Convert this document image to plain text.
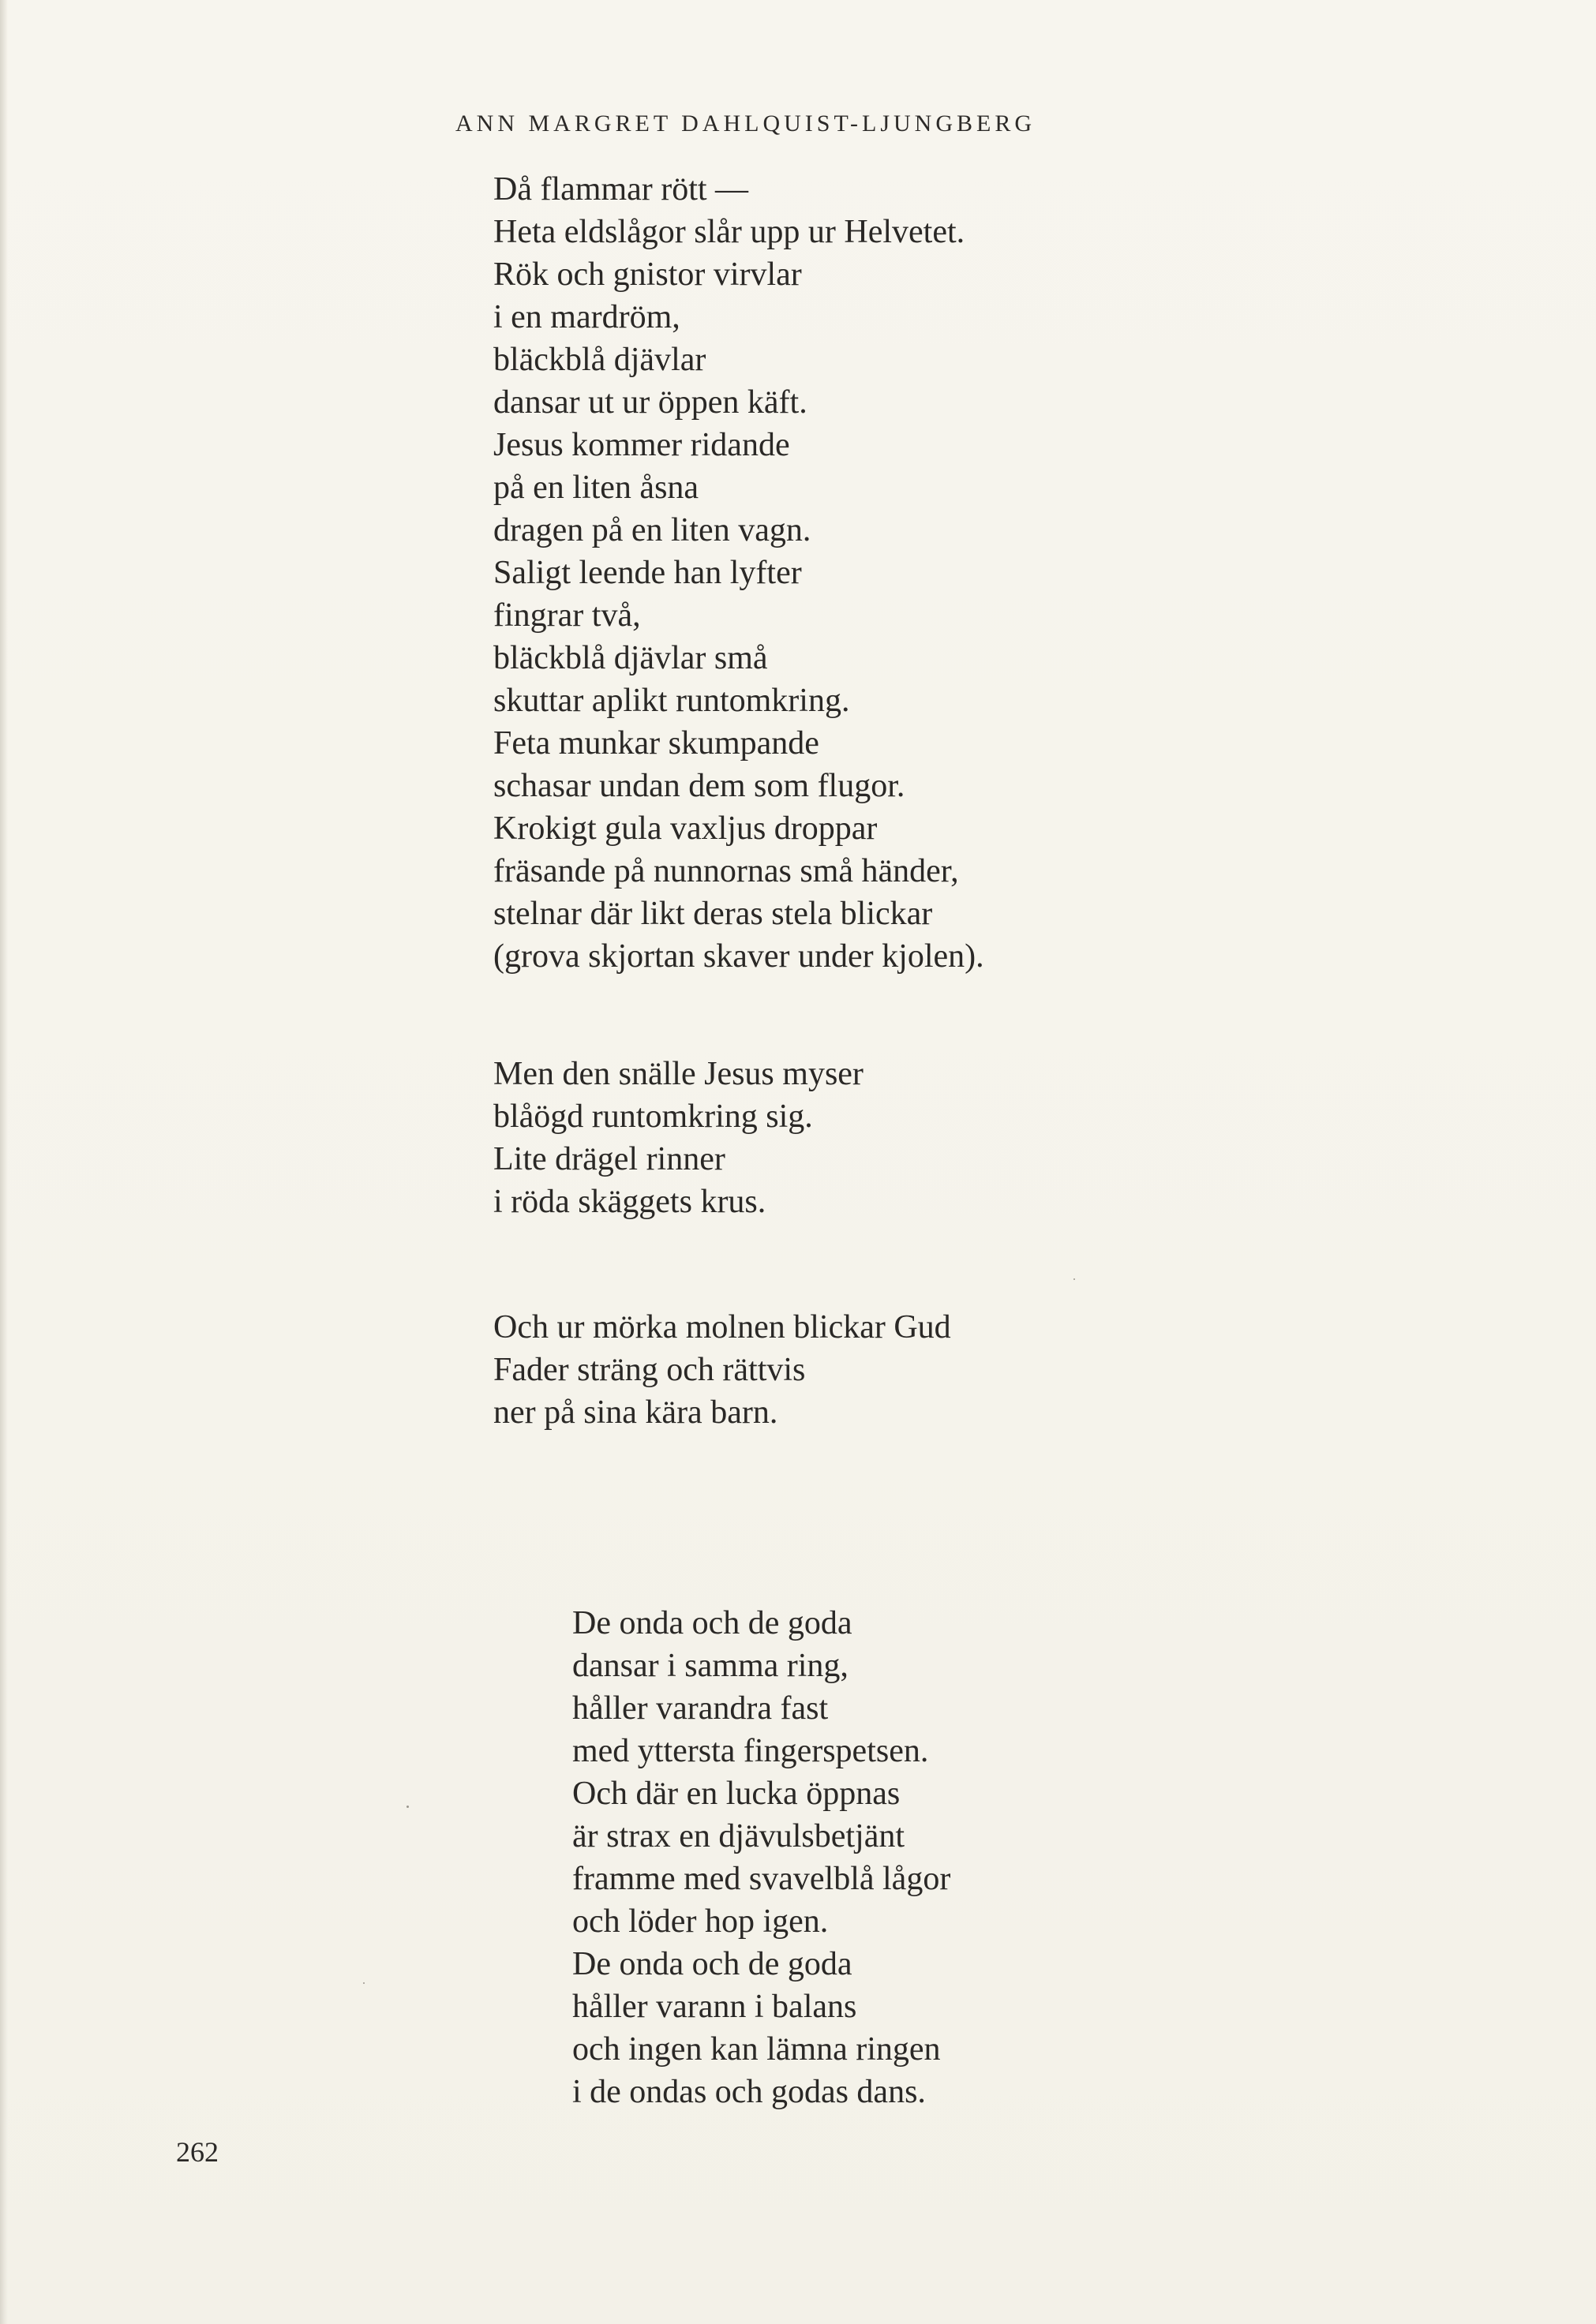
ANN MARGRET DAHLQUIST-LJUNGBERG
Då flammar rött —
Heta eldslågor slår upp ur Helvetet.
Rök och gnistor virvlar
i en mardröm,
bläckblå djävlar
dansar ut ur öppen käft.
Jesus kommer ridande
på en liten åsna
dragen på en liten vagn.
Saligt leende han lyfter
fingrar två,
bläckblå djävlar små
skuttar aplikt runtomkring.
Feta munkar skumpande
schasar undan dem som flugor.
Krokigt gula vaxljus droppar
fräsande på nunnornas små händer,
stelnar där likt deras stela blickar
(grova skjortan skaver under kjolen).
Men den snälle Jesus myser
blåögd runtomkring sig.
Lite drägel rinner
i röda skäggets krus.
Och ur mörka molnen blickar Gud
Fader sträng och rättvis
ner på sina kära barn.
De onda och de goda
dansar i samma ring,
håller varandra fast
med yttersta fingerspetsen.
Och där en lucka öppnas
är strax en djävulsbetjänt
framme med svavelblå lågor
och löder hop igen.
De onda och de goda
håller varann i balans
och ingen kan lämna ringen
i de ondas och godas dans.
262
